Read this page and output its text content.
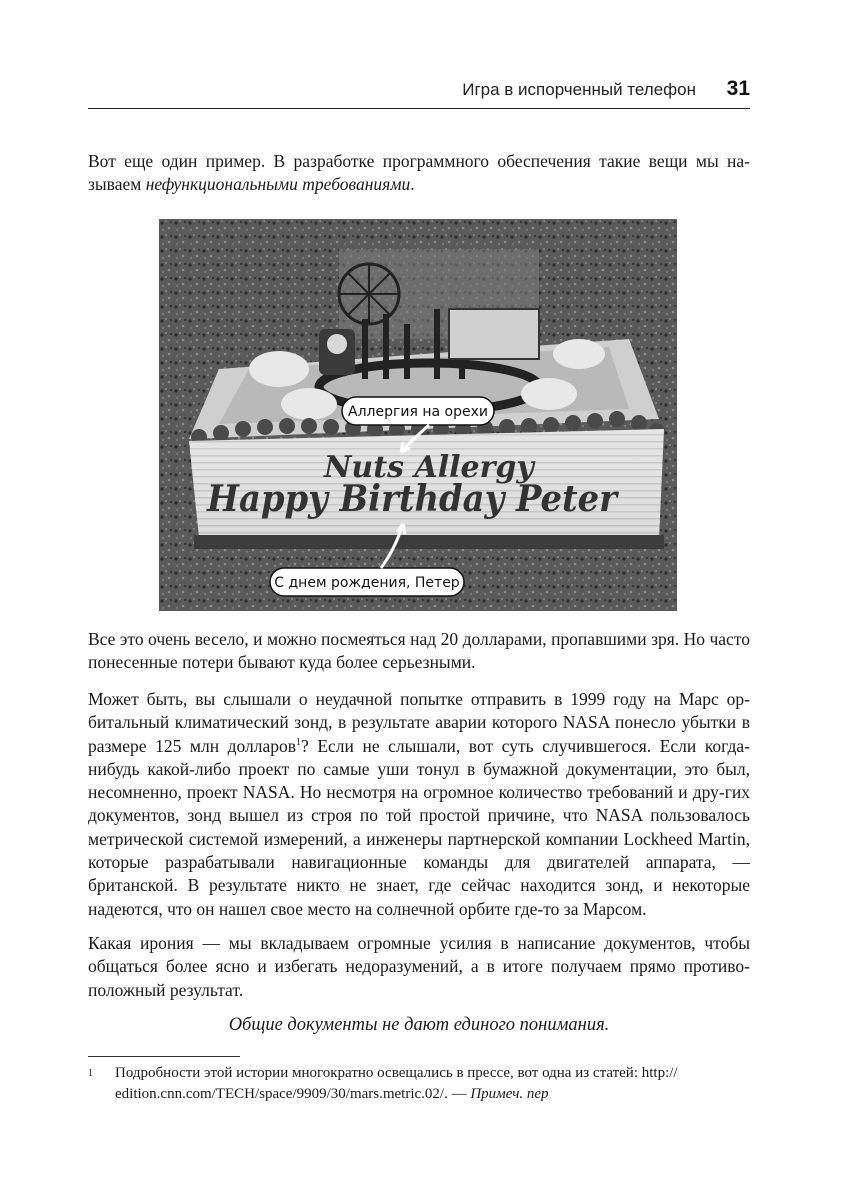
Игра в испорченный телефон 31

Вот еще один пример. В разработке программного обеспечения такие вещи мы на-зываем нефункциональными требованиями.

Nuts Allergy
Happy Birthday Peter
Аллергия на орехи
С днем рождения, Петер

Все это очень весело, и можно посмеяться над 20 долларами, пропавшими зря. Но часто понесенные потери бывают куда более серьезными.

Может быть, вы слышали о неудачной попытке отправить в 1999 году на Марс ор-битальный климатический зонд, в результате аварии которого NASA понесло убытки в размере 125 млн долларов$^1$? Если не слышали, вот суть случившегося. Если когда-нибудь какой-либо проект по самые уши тонул в бумажной документации, это был, несомненно, проект NASA. Но несмотря на огромное количество требований и дру-гих документов, зонд вышел из строя по той простой причине, что NASA пользовалось метрической системой измерений, а инженеры партнерской компании Lockheed Martin, которые разрабатывали навигационные команды для двигателей аппарата, — британской. В результате никто не знает, где сейчас находится зонд, и некоторые надеются, что он нашел свое место на солнечной орбите где-то за Марсом.

Какая ирония — мы вкладываем огромные усилия в написание документов, чтобы общаться более ясно и избегать недоразумений, а в итоге получаем прямо противо-положный результат.

Общие документы не дают единого понимания.
1 Подробности этой истории многократно освещались в прессе, вот одна из статей: http:// edition.cnn.com/TECH/space/9909/30/mars.metric.02/. — Примеч. пер
